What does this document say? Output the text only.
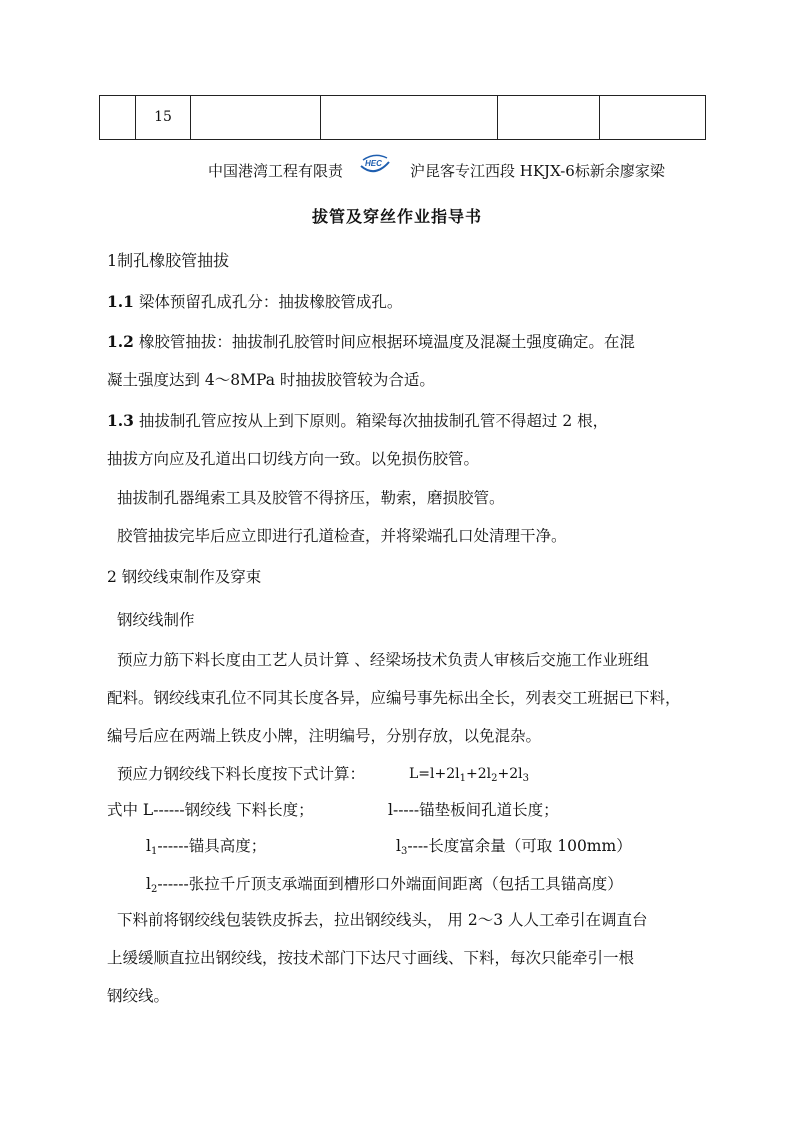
15
中国港湾工程有限责	HEC 沪昆客专江西段 HKJX-6标新余廖家梁
拔管及穿丝作业指导书
1制孔橡胶管抽拔
1.1 梁体预留孔成孔分：抽拔橡胶管成孔。
1.2 橡胶管抽拔：抽拔制孔胶管时间应根据环境温度及混凝土强度确定。在混
凝土强度达到 4～8MPa 时抽拔胶管较为合适。
1.3 抽拔制孔管应按从上到下原则。箱梁每次抽拔制孔管不得超过 2 根，
抽拔方向应及孔道出口切线方向一致。以免损伤胶管。
抽拔制孔器绳索工具及胶管不得挤压，勒索，磨损胶管。
胶管抽拔完毕后应立即进行孔道检查，并将梁端孔口处清理干净。
2 钢绞线束制作及穿束
钢绞线制作
预应力筋下料长度由工艺人员计算 、经梁场技术负责人审核后交施工作业班组
配料。钢绞线束孔位不同其长度各异，应编号事先标出全长，列表交工班据已下料，
编号后应在两端上铁皮小牌，注明编号，分别存放，以免混杂。
预应力钢绞线下料长度按下式计算：	$L=l+2l_1+2l_2+2l_3$
式中 L------钢绞线 下料长度；	l-----锚垫板间孔道长度；
$l_1------$锚具高度；	$l_3----$长度富余量（可取 100mm）
$l_2------$张拉千斤顶支承端面到槽形口外端面间距离（包括工具锚高度）
下料前将钢绞线包装铁皮拆去，拉出钢绞线头， 用 2～3 人人工牵引在调直台
上缓缓顺直拉出钢绞线，按技术部门下达尺寸画线、下料，每次只能牵引一根
钢绞线。
